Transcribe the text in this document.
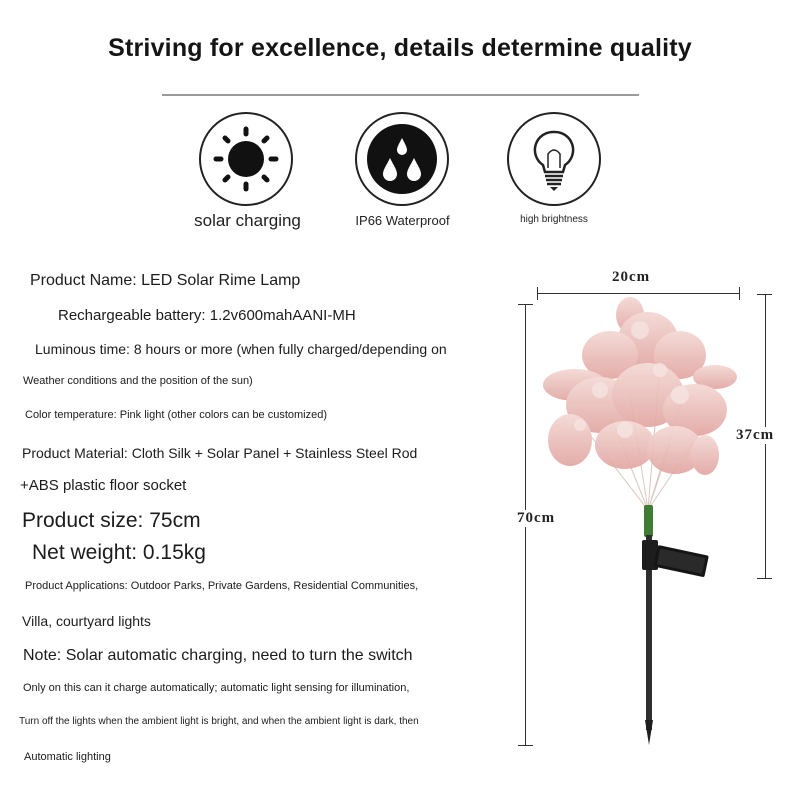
Striving for excellence, details determine quality
solar charging	IP66 Waterproof	high brightness
Product Name: LED Solar Rime Lamp
Rechargeable battery: 1.2v600mahAANI-MH
Luminous time: 8 hours or more (when fully charged/depending on
Weather conditions and the position of the sun)
Color temperature: Pink light (other colors can be customized)
Product Material: Cloth Silk + Solar Panel + Stainless Steel Rod
+ABS plastic floor socket
Product size: 75cm
Net weight: 0.15kg
Product Applications: Outdoor Parks, Private Gardens, Residential Communities,
Villa, courtyard lights
Note: Solar automatic charging, need to turn the switch
Only on this can it charge automatically; automatic light sensing for illumination,
Turn off the lights when the ambient light is bright, and when the ambient light is dark, then
Automatic lighting
20cm
37cm
70cm
